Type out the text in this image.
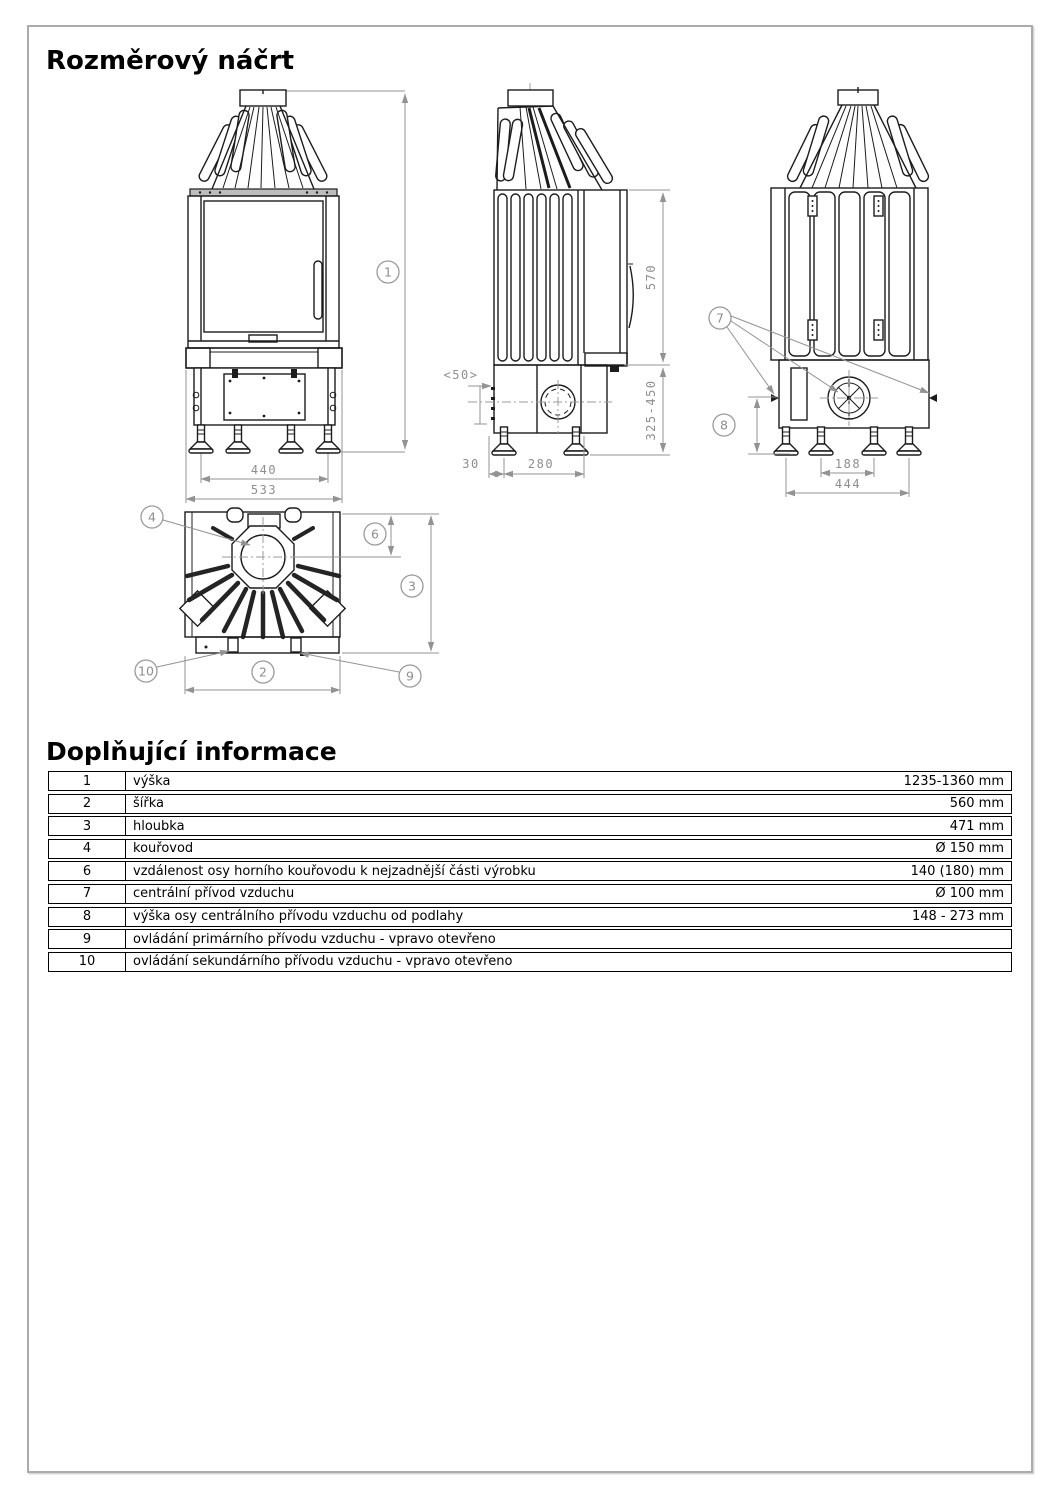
Rozměrový náčrt
440
533
1
<50>
30	280
570
325-450
7
8
188
444
4
6
3
2
10	9
Doplňující informace
1	výška	1235-1360 mm
2	šířka	560 mm
3	hloubka	471 mm
4	kouřovod	Ø 150 mm
6	vzdálenost osy horního kouřovodu k nejzadnější části výrobku	140 (180) mm
7	centrální přívod vzduchu	Ø 100 mm
8	výška osy centrálního přívodu vzduchu od podlahy	148 - 273 mm
9	ovládání primárního přívodu vzduchu - vpravo otevřeno
10	ovládání sekundárního přívodu vzduchu - vpravo otevřeno
